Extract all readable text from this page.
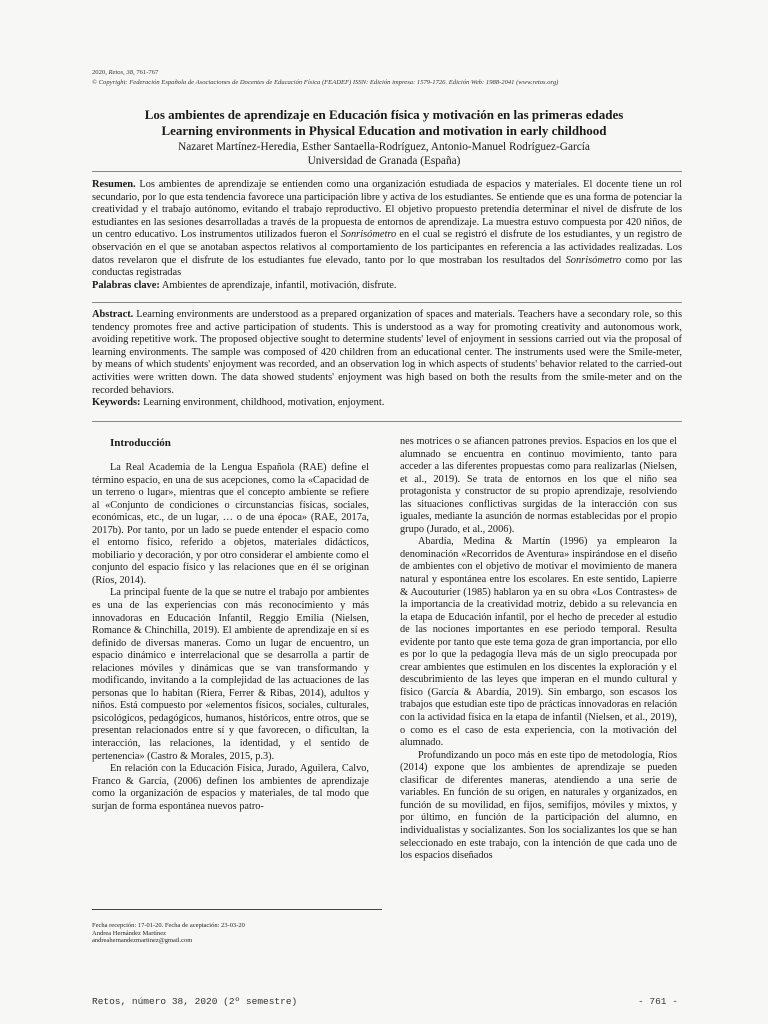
2020, Retos, 38, 761-767
© Copyright: Federación Española de Asociaciones de Docentes de Educación Física (FEADEF) ISSN: Edición impresa: 1579-1726. Edición Web: 1988-2041 (www.retos.org)
Los ambientes de aprendizaje en Educación física y motivación en las primeras edades
Learning environments in Physical Education and motivation in early childhood
Nazaret Martínez-Heredia, Esther Santaella-Rodríguez, Antonio-Manuel Rodríguez-García
Universidad de Granada (España)
Resumen. Los ambientes de aprendizaje se entienden como una organización estudiada de espacios y materiales. El docente tiene un rol secundario, por lo que esta tendencia favorece una participación libre y activa de los estudiantes. Se entiende que es una forma de potenciar la creatividad y el trabajo autónomo, evitando el trabajo reproductivo. El objetivo propuesto pretendía determinar el nivel de disfrute de los estudiantes en las sesiones desarrolladas a través de la propuesta de entornos de aprendizaje. La muestra estuvo compuesta por 420 niños, de un centro educativo. Los instrumentos utilizados fueron el Sonrisómetro en el cual se registró el disfrute de los estudiantes, y un registro de observación en el que se anotaban aspectos relativos al comportamiento de los participantes en referencia a las actividades realizadas. Los datos revelaron que el disfrute de los estudiantes fue elevado, tanto por lo que mostraban los resultados del Sonrisómetro como por las conductas registradas
Palabras clave: Ambientes de aprendizaje, infantil, motivación, disfrute.
Abstract. Learning environments are understood as a prepared organization of spaces and materials. Teachers have a secondary role, so this tendency promotes free and active participation of students. This is understood as a way for promoting creativity and autonomous work, avoiding repetitive work. The proposed objective sought to determine students' level of enjoyment in sessions carried out via the proposal of learning environments. The sample was composed of 420 children from an educational center. The instruments used were the Smile-meter, by means of which students' enjoyment was recorded, and an observation log in which aspects of students' behavior related to the carried-out activities were written down. The data showed students' enjoyment was high based on both the results from the smile-meter and on the recorded behaviors.
Keywords: Learning environment, childhood, motivation, enjoyment.
Introducción

La Real Academia de la Lengua Española (RAE) define el término espacio, en una de sus acepciones, como la «Capacidad de un terreno o lugar», mientras que el concepto ambiente se refiere al «Conjunto de condiciones o circunstancias físicas, sociales, económicas, etc., de un lugar, … o de una época» (RAE, 2017a, 2017b). Por tanto, por un lado se puede entender el espacio como el entorno físico, referido a objetos, materiales didácticos, mobiliario y decoración, y por otro considerar el ambiente como el conjunto del espacio físico y las relaciones que en él se originan (Ríos, 2014).

La principal fuente de la que se nutre el trabajo por ambientes es una de las experiencias con más reconocimiento y más innovadoras en Educación Infantil, Reggio Emilia (Nielsen, Romance & Chinchilla, 2019). El ambiente de aprendizaje en sí es definido de diversas maneras. Como un lugar de encuentro, un espacio dinámico e interrelacional que se desarrolla a partir de relaciones móviles y dinámicas que se van transformando y modificando, invitando a la complejidad de las actuaciones de las personas que lo habitan (Riera, Ferrer & Ribas, 2014), adultos y niños. Está compuesto por «elementos físicos, sociales, culturales, psicológicos, pedagógicos, humanos, históricos, entre otros, que se presentan relacionados entre sí y que favorecen, o dificultan, la interacción, las relaciones, la identidad, y el sentido de pertenencia» (Castro & Morales, 2015, p.3).

En relación con la Educación Física, Jurado, Aguilera, Calvo, Franco & García, (2006) definen los ambientes de aprendizaje como la organización de espacios y materiales, de tal modo que surjan de forma espontánea nuevos patro-

nes motrices o se afiancen patrones previos. Espacios en los que el alumnado se encuentra en continuo movimiento, tanto para acceder a las diferentes propuestas como para realizarlas (Nielsen, et al., 2019). Se trata de entornos en los que el niño sea protagonista y constructor de su propio aprendizaje, resolviendo las situaciones conflictivas surgidas de la interacción con sus iguales, mediante la asunción de normas establecidas por el propio grupo (Jurado, et al., 2006).

Abardía, Medina & Martín (1996) ya emplearon la denominación «Recorridos de Aventura» inspirándose en el diseño de ambientes con el objetivo de motivar el movimiento de manera natural y espontánea entre los escolares. En este sentido, Lapierre & Aucouturier (1985) hablaron ya en su obra «Los Contrastes» de la importancia de la creatividad motriz, debido a su relevancia en la etapa de Educación infantil, por el hecho de preceder al estudio de las nociones importantes en ese periodo temporal. Resulta evidente por tanto que este tema goza de gran importancia, por ello es por lo que la pedagogía lleva más de un siglo preocupada por crear ambientes que estimulen en los discentes la exploración y el descubrimiento de las leyes que imperan en el mundo cultural y físico (García & Abardía, 2019). Sin embargo, son escasos los trabajos que estudian este tipo de prácticas innovadoras en relación con la actividad física en la etapa de infantil (Nielsen, et al., 2019), o como es el caso de esta experiencia, con la motivación del alumnado.

Profundizando un poco más en este tipo de metodología, Ríos (2014) expone que los ambientes de aprendizaje se pueden clasificar de diferentes maneras, atendiendo a una serie de variables. En función de su origen, en naturales y organizados, en función de su movilidad, en fijos, semifijos, móviles y mixtos, y por último, en función de la participación del alumno, en individualistas y socializantes. Son los socializantes los que se han seleccionado en este trabajo, con la intención de que cada uno de los espacios diseñados

Fecha recepción: 17-01-20. Fecha de aceptación: 23-03-20
Andrea Hernández Martínez
andreahernandezmartinez@gmail.com
Retos, número 38, 2020 (2º semestre)	- 761 -
